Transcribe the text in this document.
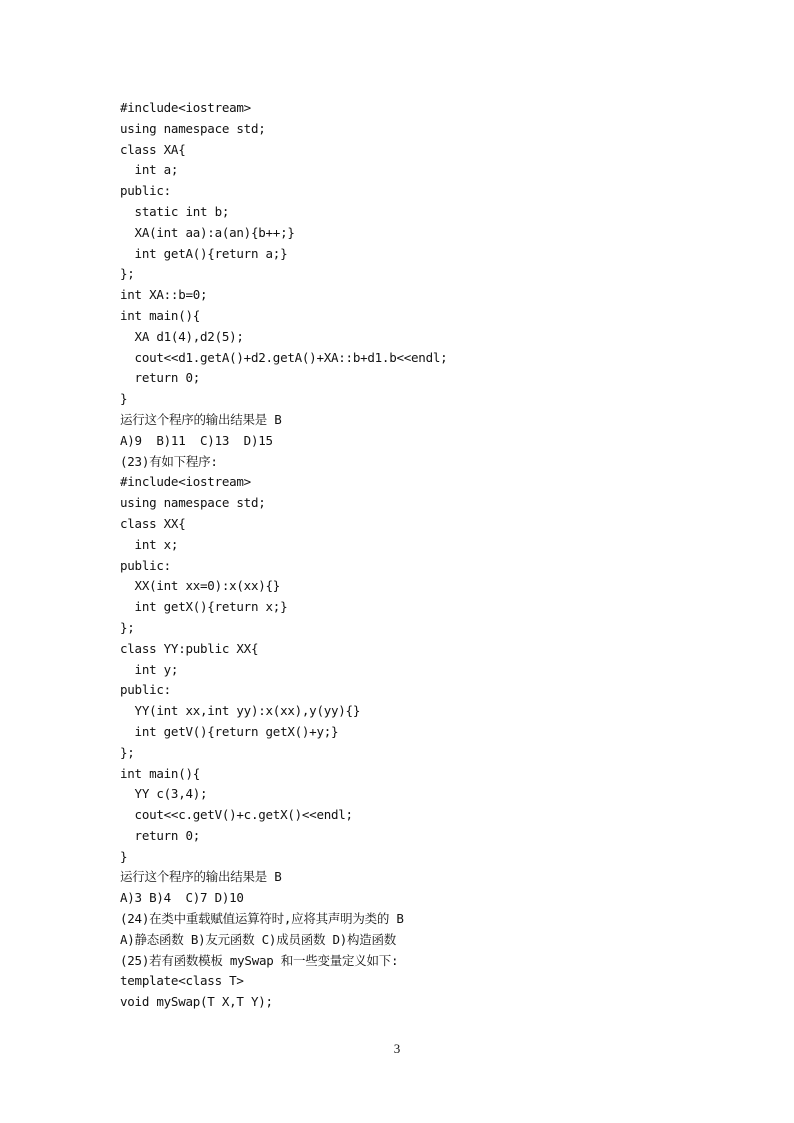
#include<iostream>
using namespace std;
class XA{
int a;
public:
static int b;
XA(int aa):a(an){b++;}
int getA(){return a;}
};
int XA::b=0;
int main(){
XA d1(4),d2(5);
cout<<d1.getA()+d2.getA()+XA::b+d1.b<<endl;
return 0;
}
运行这个程序的输出结果是 B
A)9  B)11  C)13  D)15
(23)有如下程序:
#include<iostream>
using namespace std;
class XX{
int x;
public:
XX(int xx=0):x(xx){}
int getX(){return x;}
};
class YY:public XX{
int y;
public:
YY(int xx,int yy):x(xx),y(yy){}
int getV(){return getX()+y;}
};
int main(){
YY c(3,4);
cout<<c.getV()+c.getX()<<endl;
return 0;
}
运行这个程序的输出结果是 B
A)3 B)4  C)7 D)10
(24)在类中重载赋值运算符时,应将其声明为类的 B
A)静态函数 B)友元函数 C)成员函数 D)构造函数
(25)若有函数模板 mySwap 和一些变量定义如下:
template<class T>
void mySwap(T X,T Y);
3
